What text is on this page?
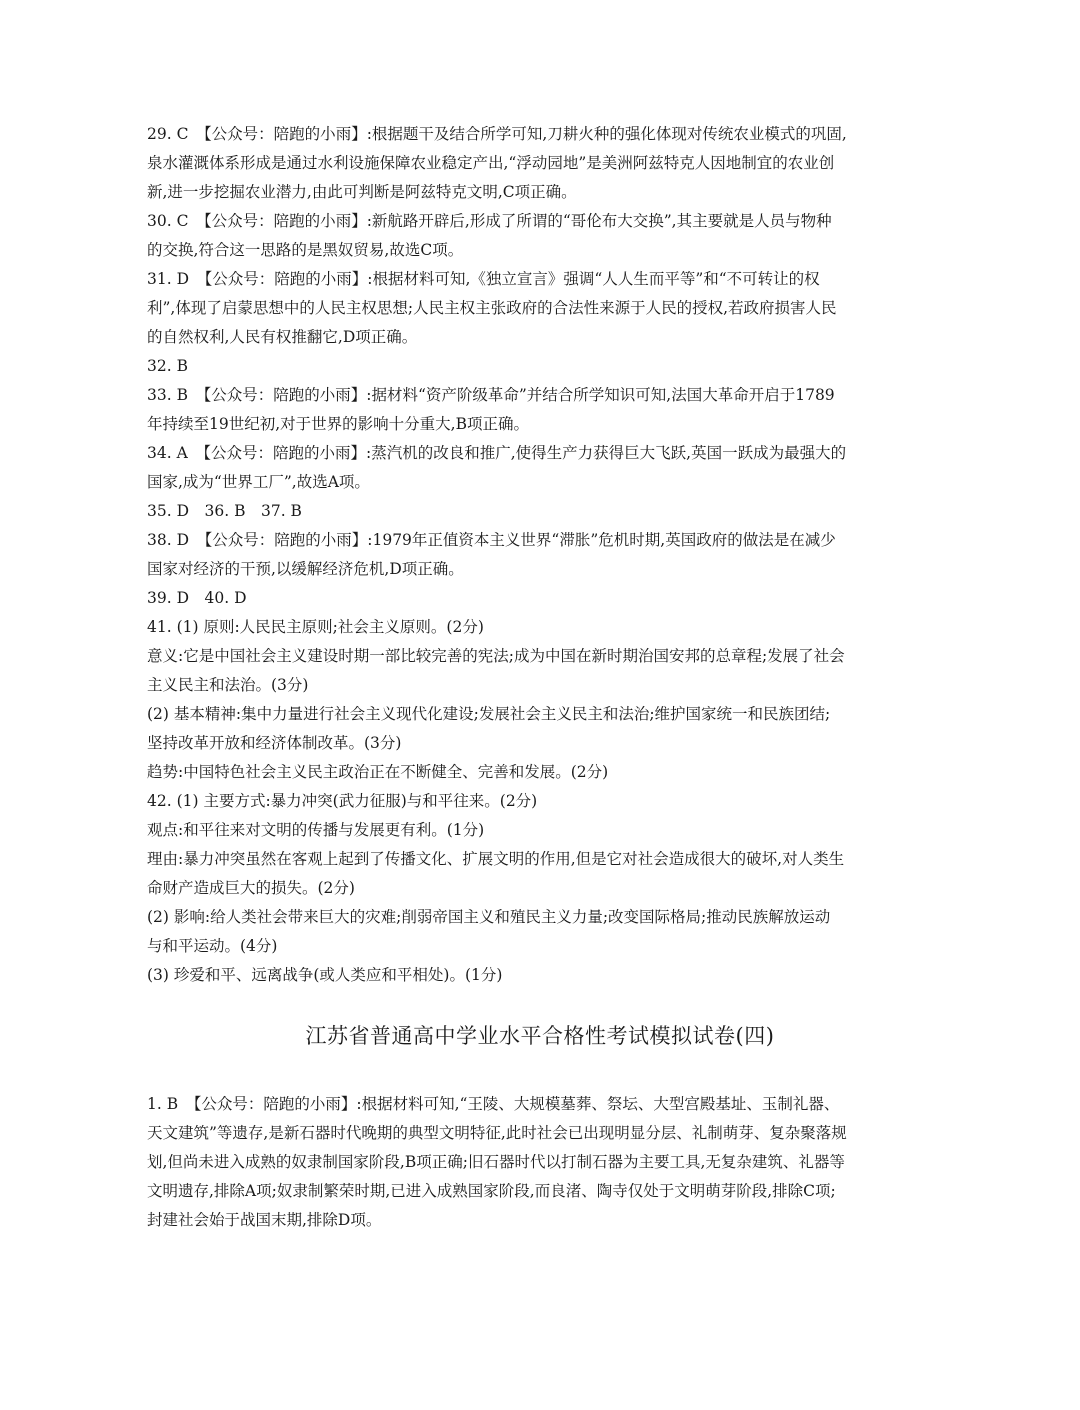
29. C　【公众号：陪跑的小雨】:根据题干及结合所学可知,刀耕火种的强化体现对传统农业模式的巩固,
泉水灌溉体系形成是通过水利设施保障农业稳定产出,“浮动园地”是美洲阿兹特克人因地制宜的农业创
新,进一步挖掘农业潜力,由此可判断是阿兹特克文明,C项正确。
30. C　【公众号：陪跑的小雨】:新航路开辟后,形成了所谓的“哥伦布大交换”,其主要就是人员与物种
的交换,符合这一思路的是黑奴贸易,故选C项。
31. D　【公众号：陪跑的小雨】:根据材料可知,《独立宣言》强调“人人生而平等”和“不可转让的权
利”,体现了启蒙思想中的人民主权思想;人民主权主张政府的合法性来源于人民的授权,若政府损害人民
的自然权利,人民有权推翻它,D项正确。
32. B
33. B　【公众号：陪跑的小雨】:据材料“资产阶级革命”并结合所学知识可知,法国大革命开启于1789
年持续至19世纪初,对于世界的影响十分重大,B项正确。
34. A　【公众号：陪跑的小雨】:蒸汽机的改良和推广,使得生产力获得巨大飞跃,英国一跃成为最强大的
国家,成为“世界工厂”,故选A项。
35. D　36. B　37. B
38. D　【公众号：陪跑的小雨】:1979年正值资本主义世界“滞胀”危机时期,英国政府的做法是在减少
国家对经济的干预,以缓解经济危机,D项正确。
39. D　40. D
41. (1) 原则:人民民主原则;社会主义原则。(2分)
意义:它是中国社会主义建设时期一部比较完善的宪法;成为中国在新时期治国安邦的总章程;发展了社会
主义民主和法治。(3分)
(2) 基本精神:集中力量进行社会主义现代化建设;发展社会主义民主和法治;维护国家统一和民族团结;
坚持改革开放和经济体制改革。(3分)
趋势:中国特色社会主义民主政治正在不断健全、完善和发展。(2分)
42. (1) 主要方式:暴力冲突(武力征服)与和平往来。(2分)
观点:和平往来对文明的传播与发展更有利。(1分)
理由:暴力冲突虽然在客观上起到了传播文化、扩展文明的作用,但是它对社会造成很大的破坏,对人类生
命财产造成巨大的损失。(2分)
(2) 影响:给人类社会带来巨大的灾难;削弱帝国主义和殖民主义力量;改变国际格局;推动民族解放运动
与和平运动。(4分)
(3) 珍爱和平、远离战争(或人类应和平相处)。(1分)
江苏省普通高中学业水平合格性考试模拟试卷(四)
1. B　【公众号：陪跑的小雨】:根据材料可知,“王陵、大规模墓葬、祭坛、大型宫殿基址、玉制礼器、
天文建筑”等遗存,是新石器时代晚期的典型文明特征,此时社会已出现明显分层、礼制萌芽、复杂聚落规
划,但尚未进入成熟的奴隶制国家阶段,B项正确;旧石器时代以打制石器为主要工具,无复杂建筑、礼器等
文明遗存,排除A项;奴隶制繁荣时期,已进入成熟国家阶段,而良渚、陶寺仅处于文明萌芽阶段,排除C项;
封建社会始于战国末期,排除D项。
